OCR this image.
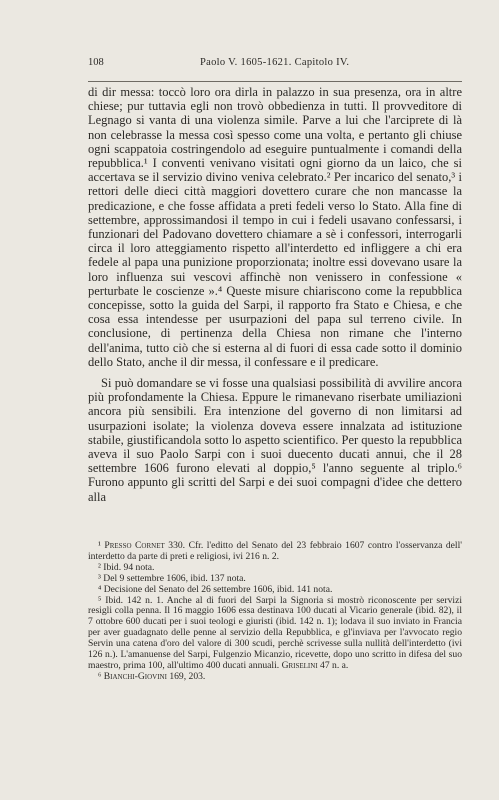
108	Paolo V. 1605-1621. Capitolo IV.

di dir messa: toccò loro ora dirla in palazzo in sua presenza, ora in altre chiese; pur tuttavia egli non trovò obbedienza in tutti. Il provveditore di Legnago si vanta di una violenza simile. Parve a lui che l'arciprete di là non celebrasse la messa così spesso come una volta, e pertanto gli chiuse ogni scappatoia costringendolo ad eseguire puntualmente i comandi della repubblica.¹ I conventi venivano visitati ogni giorno da un laico, che si accertava se il servizio divino veniva celebrato.² Per incarico del senato,³ i rettori delle dieci città maggiori dovettero curare che non mancasse la predicazione, e che fosse affidata a preti fedeli verso lo Stato. Alla fine di settembre, approssimandosi il tempo in cui i fedeli usavano confessarsi, i funzionari del Padovano dovettero chiamare a sè i confessori, interrogarli circa il loro atteggiamento rispetto all'interdetto ed infliggere a chi era fedele al papa una punizione proporzionata; inoltre essi dovevano usare la loro influenza sui vescovi affinchè non venissero in confessione « perturbate le coscienze ».⁴ Queste misure chiariscono come la repubblica concepisse, sotto la guida del Sarpi, il rapporto fra Stato e Chiesa, e che cosa essa intendesse per usurpazioni del papa sul terreno civile. In conclusione, di pertinenza della Chiesa non rimane che l'interno dell'anima, tutto ciò che si esterna al di fuori di essa cade sotto il dominio dello Stato, anche il dir messa, il confessare e il predicare.

Si può domandare se vi fosse una qualsiasi possibilità di avvilire ancora più profondamente la Chiesa. Eppure le rimanevano riserbate umiliazioni ancora più sensibili. Era intenzione del governo di non limitarsi ad usurpazioni isolate; la violenza doveva essere innalzata ad istituzione stabile, giustificandola sotto lo aspetto scientifico. Per questo la repubblica aveva il suo Paolo Sarpi con i suoi duecento ducati annui, che il 28 settembre 1606 furono elevati al doppio,⁵ l'anno seguente al triplo.⁶ Furono appunto gli scritti del Sarpi e dei suoi compagni d'idee che dettero alla

¹ Presso Cornet 330. Cfr. l'editto del Senato del 23 febbraio 1607 contro l'osservanza dell' interdetto da parte di preti e religiosi, ivi 216 n. 2.

² Ibid. 94 nota.

³ Del 9 settembre 1606, ibid. 137 nota.

⁴ Decisione del Senato del 26 settembre 1606, ibid. 141 nota.

⁵ Ibid. 142 n. 1. Anche al di fuori del Sarpi la Signoria si mostrò riconoscente per servizi resigli colla penna. Il 16 maggio 1606 essa destinava 100 ducati al Vicario generale (ibid. 82), il 7 ottobre 600 ducati per i suoi teologi e giuristi (ibid. 142 n. 1); lodava il suo inviato in Francia per aver guadagnato delle penne al servizio della Repubblica, e gl'inviava per l'avvocato regio Servin una catena d'oro del valore di 300 scudi, perchè scrivesse sulla nullità dell'interdetto (ivi 126 n.). L'amanuense del Sarpi, Fulgenzio Micanzio, ricevette, dopo uno scritto in difesa del suo maestro, prima 100, all'ultimo 400 ducati annuali. Griselini 47 n. a.

⁶ Bianchi-Giovini 169, 203.
